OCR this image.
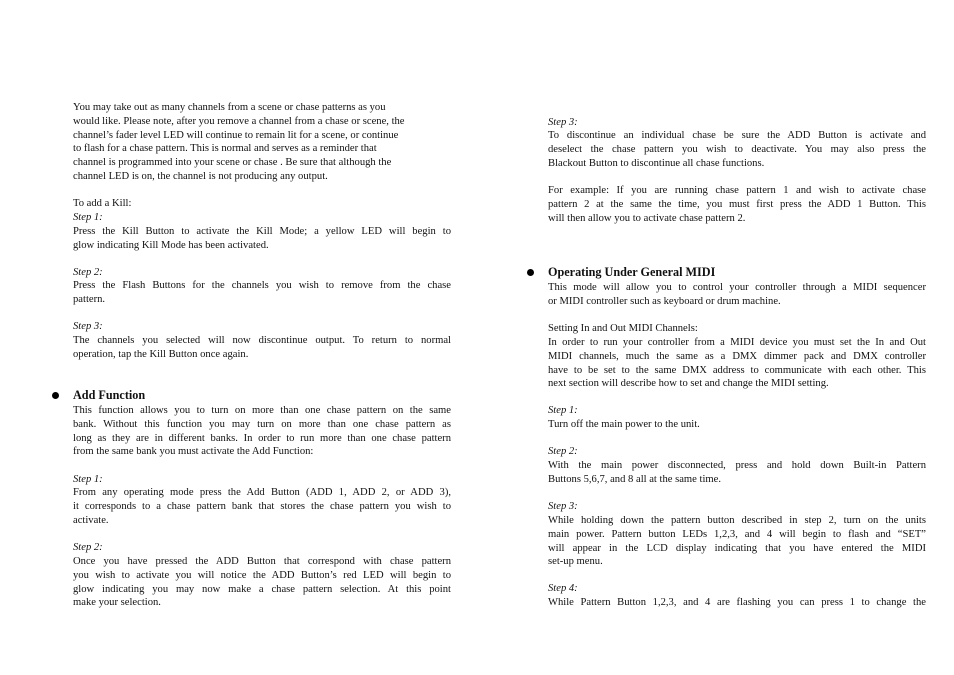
You may take out as many channels from a scene or chase patterns as you
would like. Please note, after you remove a channel from a chase or scene, the
channel’s fader level LED will continue to remain lit for a scene, or continue
to flash for a chase pattern. This is normal and serves as a reminder that
channel is programmed into your scene or chase . Be sure that although the
channel LED is on, the channel is not producing any output.
To add a Kill:
Step 1:
Press the Kill Button to activate the Kill Mode; a yellow LED will begin to
glow indicating Kill Mode has been activated.
Step 2:
Press the Flash Buttons for the channels you wish to remove from the chase
pattern.
Step 3:
The channels you selected will now discontinue output. To return to normal
operation, tap the Kill Button once again.
Add Function
This function allows you to turn on more than one chase pattern on the same
bank. Without this function you may turn on more than one chase pattern as
long as they are in different banks. In order to run more than one chase pattern
from the same bank you must activate the Add Function:
Step 1:
From any operating mode press the Add Button (ADD 1, ADD 2, or ADD 3),
it corresponds to a chase pattern bank that stores the chase pattern you wish to
activate.
Step 2:
Once you have pressed the ADD Button that correspond with chase pattern
you wish to activate you will notice the ADD Button’s red LED will begin to
glow indicating you may now make a chase pattern selection. At this point
make your selection.
Step 3:
To discontinue an individual chase be sure the ADD Button is activate and
deselect the chase pattern you wish to deactivate. You may also press the
Blackout Button to discontinue all chase functions.
For example: If you are running chase pattern 1 and wish to activate chase
pattern 2 at the same the time, you must first press the ADD 1 Button. This
will then allow you to activate chase pattern 2.
Operating Under General MIDI
This mode will allow you to control your controller through a MIDI sequencer
or MIDI controller such as keyboard or drum machine.
Setting In and Out MIDI Channels:
In order to run your controller from a MIDI device you must set the In and Out
MIDI channels, much the same as a DMX dimmer pack and DMX controller
have to be set to the same DMX address to communicate with each other. This
next section will describe how to set and change the MIDI setting.
Step 1:
Turn off the main power to the unit.
Step 2:
With the main power disconnected, press and hold down Built-in Pattern
Buttons 5,6,7, and 8 all at the same time.
Step 3:
While holding down the pattern button described in step 2, turn on the units
main power. Pattern button LEDs 1,2,3, and 4 will begin to flash and “SET”
will appear in the LCD display indicating that you have entered the MIDI
set-up menu.
Step 4:
While Pattern Button 1,2,3, and 4 are flashing you can press 1 to change the
